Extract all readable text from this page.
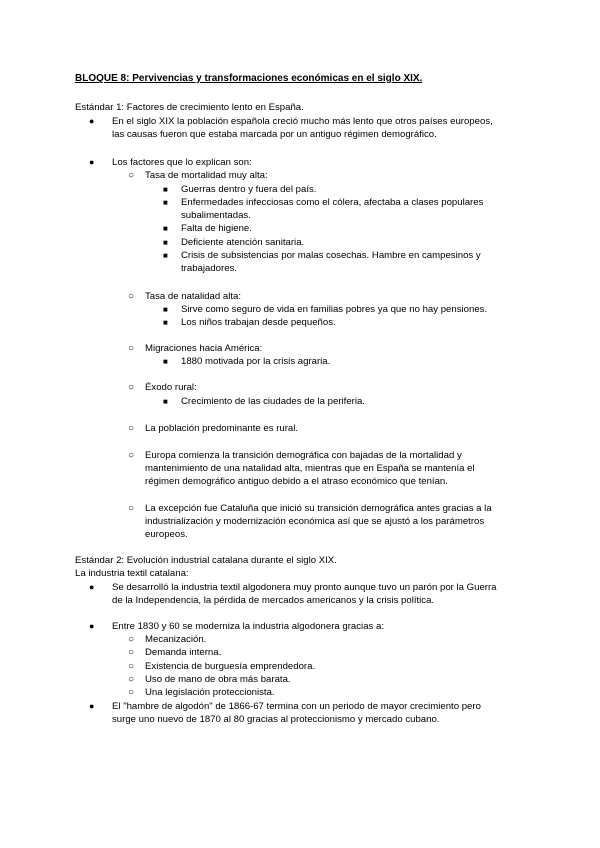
BLOQUE 8: Pervivencias y transformaciones económicas en el siglo XIX.
Estándar 1: Factores de crecimiento lento en España.
● En el siglo XIX la población española creció mucho más lento que otros países europeos,
las causas fueron que estaba marcada por un antiguo régimen demográfico.
● Los factores que lo explican son:
○ Tasa de mortalidad muy alta:
■ Guerras dentro y fuera del país.
■ Enfermedades infecciosas como el cólera, afectaba a clases populares
subalimentadas.
■ Falta de higiene.
■ Deficiente atención sanitaria.
■ Crisis de subsistencias por malas cosechas. Hambre en campesinos y
trabajadores.
○ Tasa de natalidad alta:
■ Sirve como seguro de vida en familias pobres ya que no hay pensiones.
■ Los niños trabajan desde pequeños.
○ Migraciones hacia América:
■ 1880 motivada por la crisis agraria.
○ Éxodo rural:
■ Crecimiento de las ciudades de la periferia.
○ La población predominante es rural.
○ Europa comienza la transición demográfica con bajadas de la mortalidad y
mantenimiento de una natalidad alta, mientras que en España se mantenía el
régimen demográfico antiguo debido a el atraso económico que tenían.
○ La excepción fue Cataluña que inició su transición demográfica antes gracias a la
industrialización y modernización económica así que se ajustó a los parámetros
europeos.
Estándar 2: Evolución industrial catalana durante el siglo XIX.
La industria textil catalana:
● Se desarrolló la industria textil algodonera muy pronto aunque tuvo un parón por la Guerra
de la Independencia, la pérdida de mercados americanos y la crisis política.
● Entre 1830 y 60 se moderniza la industria algodonera gracias a:
○ Mecanización.
○ Demanda interna.
○ Existencia de burguesía emprendedora.
○ Uso de mano de obra más barata.
○ Una legislación proteccionista.
● El "hambre de algodón" de 1866-67 termina con un periodo de mayor crecimiento pero
surge uno nuevo de 1870 al 80 gracias al proteccionismo y mercado cubano.
